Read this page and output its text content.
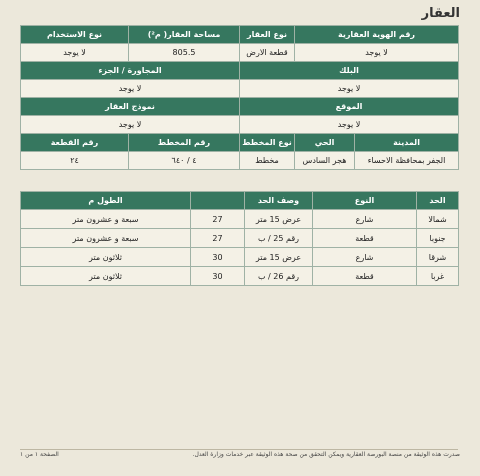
العقار
رقم الهوية العقارية		نوع العقار	مساحة العقار( م²)	نوع الاستخدام
لا يوجد		قطعة الارض	805.5	لا يوجد
البلك			المجاورة / الجزء	
لا يوجد			لا يوجد	
الموقع			نموذج العقار	
لا يوجد			لا يوجد	
المدينة	الحي	نوع المخطط	رقم المخطط	رقم القطعة
الجفر بمحافظة الاحساء	هجر السادس	مخطط	٤ / ٦٤٠	٢٤
الحد	النوع	وصف الحد		الطول م
شمالا	شارع	عرض 15 متر	27	سبعة و عشرون متر
جنوبا	قطعة	رقم 25 / ب	27	سبعة و عشرون متر
شرقا	شارع	عرض 15 متر	30	ثلاثون متر
غربا	قطعة	رقم 26 / ب	30	ثلاثون متر
صدرت هذه الوثيقة من منصة البورصة العقارية ويمكن التحقق من صحة هذه الوثيقة عبر خدمات وزارة العدل.
الصفحة ١ من ١
